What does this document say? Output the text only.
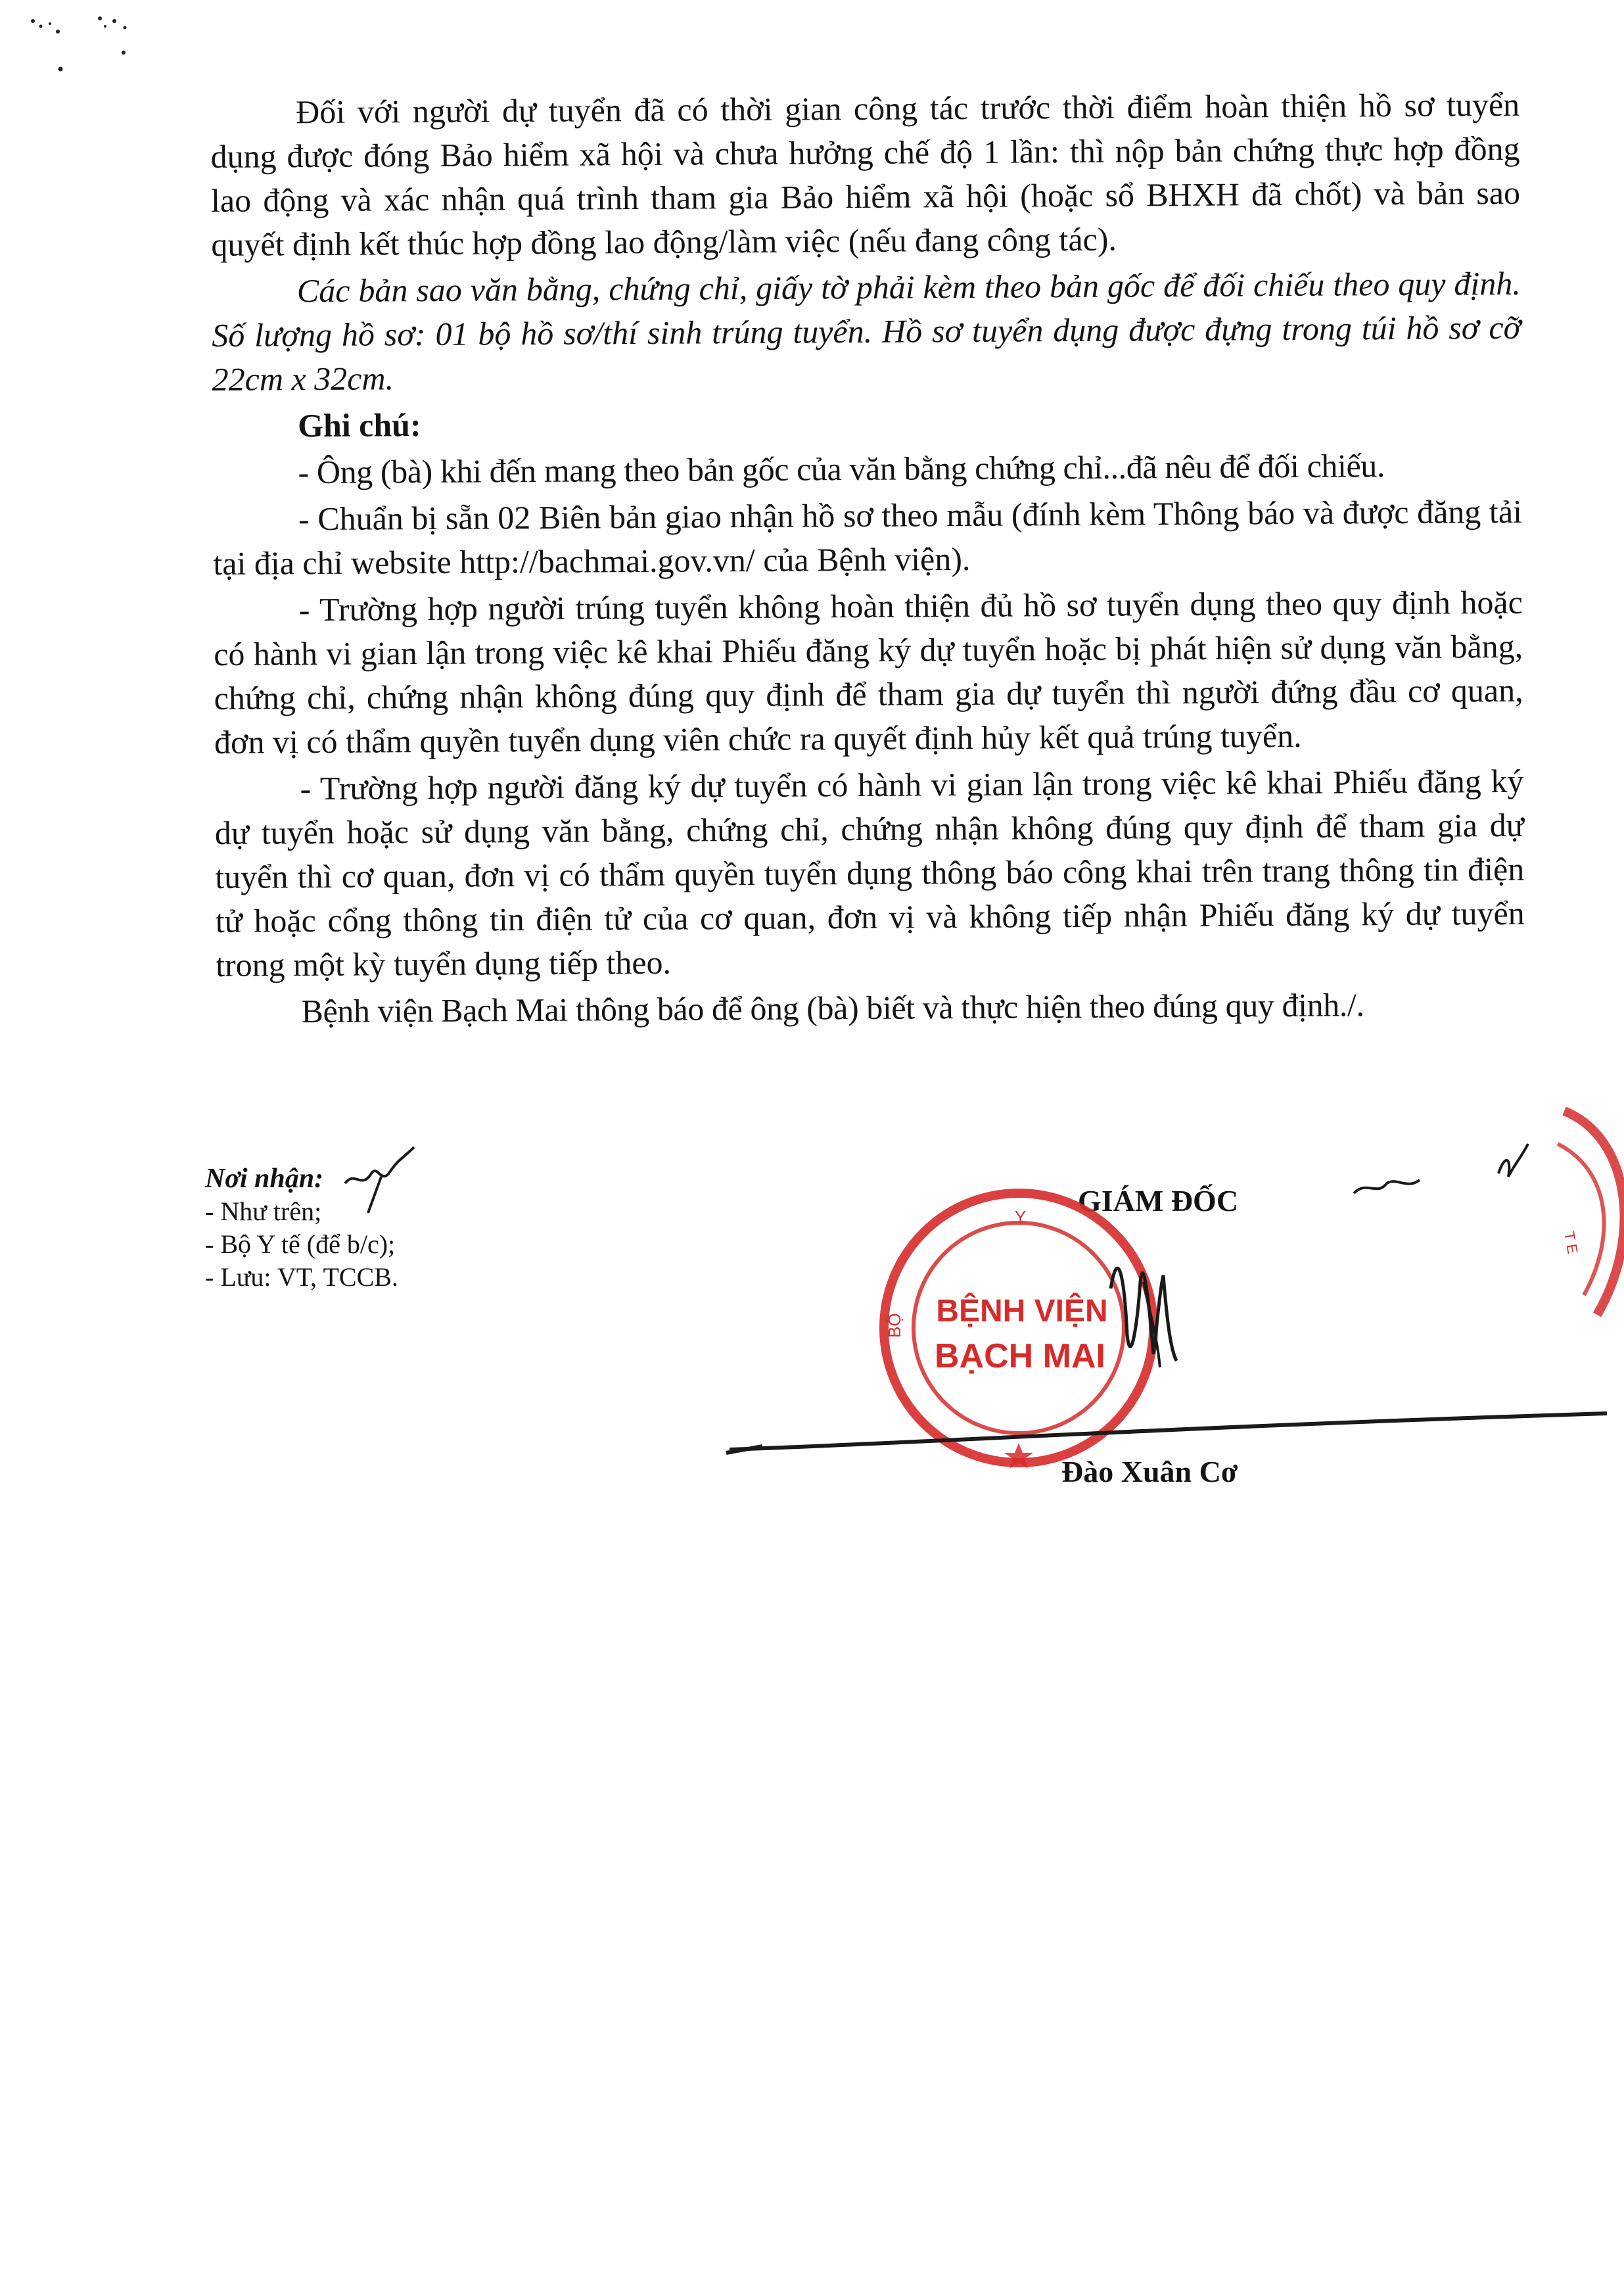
Đối với người dự tuyển đã có thời gian công tác trước thời điểm hoàn thiện hồ sơ tuyển dụng được đóng Bảo hiểm xã hội và chưa hưởng chế độ 1 lần: thì nộp bản chứng thực hợp đồng lao động và xác nhận quá trình tham gia Bảo hiểm xã hội (hoặc sổ BHXH đã chốt) và bản sao quyết định kết thúc hợp đồng lao động/làm việc (nếu đang công tác).

Các bản sao văn bằng, chứng chỉ, giấy tờ phải kèm theo bản gốc để đối chiếu theo quy định. Số lượng hồ sơ: 01 bộ hồ sơ/thí sinh trúng tuyển. Hồ sơ tuyển dụng được đựng trong túi hồ sơ cỡ 22cm x 32cm.

Ghi chú:

- Ông (bà) khi đến mang theo bản gốc của văn bằng chứng chỉ...đã nêu để đối chiếu.

- Chuẩn bị sẵn 02 Biên bản giao nhận hồ sơ theo mẫu (đính kèm Thông báo và được đăng tải tại địa chỉ website http://bachmai.gov.vn/ của Bệnh viện).

- Trường hợp người trúng tuyển không hoàn thiện đủ hồ sơ tuyển dụng theo quy định hoặc có hành vi gian lận trong việc kê khai Phiếu đăng ký dự tuyển hoặc bị phát hiện sử dụng văn bằng, chứng chỉ, chứng nhận không đúng quy định để tham gia dự tuyển thì người đứng đầu cơ quan, đơn vị có thẩm quyền tuyển dụng viên chức ra quyết định hủy kết quả trúng tuyển.

- Trường hợp người đăng ký dự tuyển có hành vi gian lận trong việc kê khai Phiếu đăng ký dự tuyển hoặc sử dụng văn bằng, chứng chỉ, chứng nhận không đúng quy định để tham gia dự tuyển thì cơ quan, đơn vị có thẩm quyền tuyển dụng thông báo công khai trên trang thông tin điện tử hoặc cổng thông tin điện tử của cơ quan, đơn vị và không tiếp nhận Phiếu đăng ký dự tuyển trong một kỳ tuyển dụng tiếp theo.

Bệnh viện Bạch Mai thông báo để ông (bà) biết và thực hiện theo đúng quy định./.

Nơi nhận:
- Như trên;
- Bộ Y tế (để b/c);
- Lưu: VT, TCCB.
GIÁM ĐỐC
Y
BỘ BỆNH VIỆN
BẠCH MAI
T E
Đào Xuân Cơ
